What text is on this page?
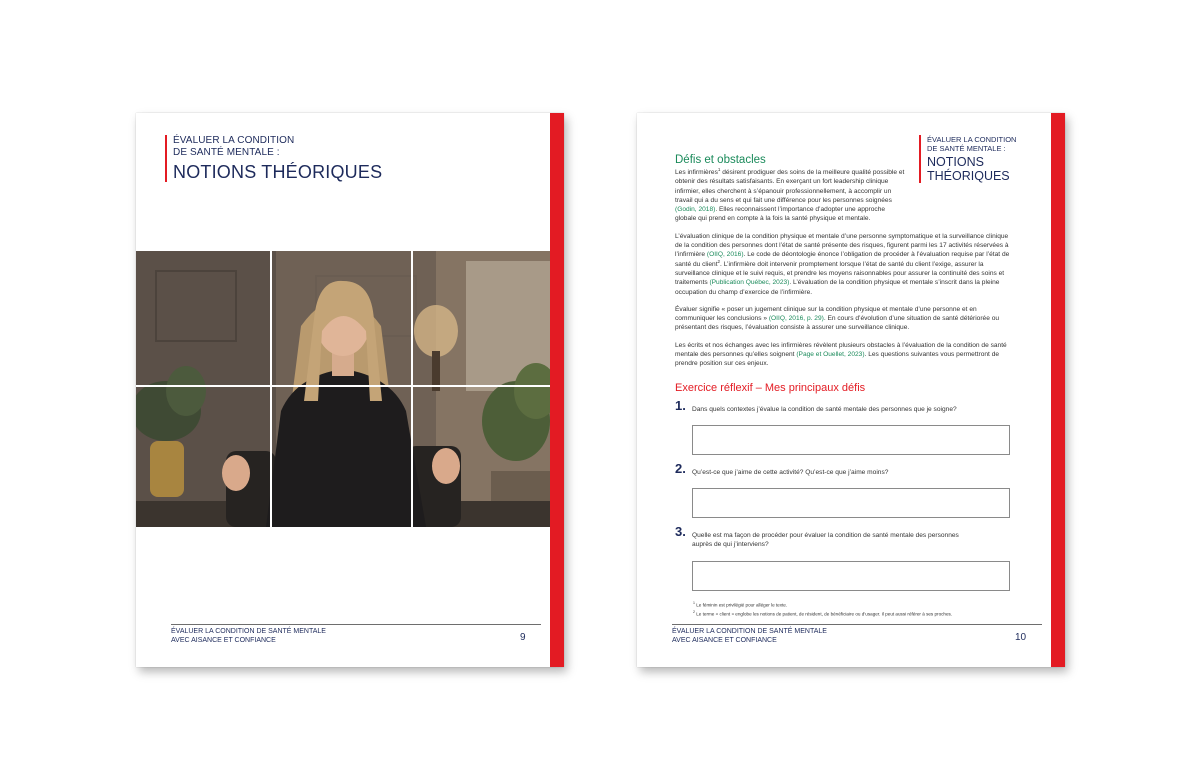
ÉVALUER LA CONDITION
DE SANTÉ MENTALE :
NOTIONS THÉORIQUES
ÉVALUER LA CONDITION DE SANTÉ MENTALE
AVEC AISANCE ET CONFIANCE	9
ÉVALUER LA CONDITION
DE SANTÉ MENTALE :
NOTIONS
THÉORIQUES
Défis et obstacles

Les infirmières$^1$ désirent prodiguer des soins de la meilleure qualité possible et obtenir des résultats satisfaisants. En exerçant un fort leadership clinique infirmier, elles cherchent à s’épanouir professionnellement, à accomplir un travail qui a du sens et qui fait une différence pour les personnes soignées (Godin, 2018). Elles reconnaissent l’importance d’adopter une approche globale qui prend en compte à la fois la santé physique et mentale.

L’évaluation clinique de la condition physique et mentale d’une personne symptomatique et la surveillance clinique de la condition des personnes dont l’état de santé présente des risques, figurent parmi les 17 activités réservées à l’infirmière (OIIQ, 2016). Le code de déontologie énonce l’obligation de procéder à l’évaluation requise par l’état de santé du client$^2$. L’infirmière doit intervenir promptement lorsque l’état de santé du client l’exige, assurer la surveillance clinique et le suivi requis, et prendre les moyens raisonnables pour assurer la continuité des soins et traitements (Publication Québec, 2023). L’évaluation de la condition physique et mentale s’inscrit dans la pleine occupation du champ d’exercice de l’infirmière.

Évaluer signifie « poser un jugement clinique sur la condition physique et mentale d’une personne et en communiquer les conclusions » (OIIQ, 2016, p. 29). En cours d’évolution d’une situation de santé détériorée ou présentant des risques, l’évaluation consiste à assurer une surveillance clinique.

Les écrits et nos échanges avec les infirmières révèlent plusieurs obstacles à l’évaluation de la condition de santé mentale des personnes qu’elles soignent (Page et Ouellet, 2023). Les questions suivantes vous permettront de prendre position sur ces enjeux.

Exercice réflexif – Mes principaux défis
1. Dans quels contextes j’évalue la condition de santé mentale des personnes que je soigne?
2. Qu’est-ce que j’aime de cette activité? Qu’est-ce que j’aime moins?
3. Quelle est ma façon de procéder pour évaluer la condition de santé mentale des personnes auprès de qui j’interviens?
$^1$ Le féminin est privilégié pour alléger le texte.
$^2$ Le terme « client » englobe les notions de patient, de résident, de bénéficiaire ou d’usager. Il peut aussi référer à ses proches.
ÉVALUER LA CONDITION DE SANTÉ MENTALE
AVEC AISANCE ET CONFIANCE	10
